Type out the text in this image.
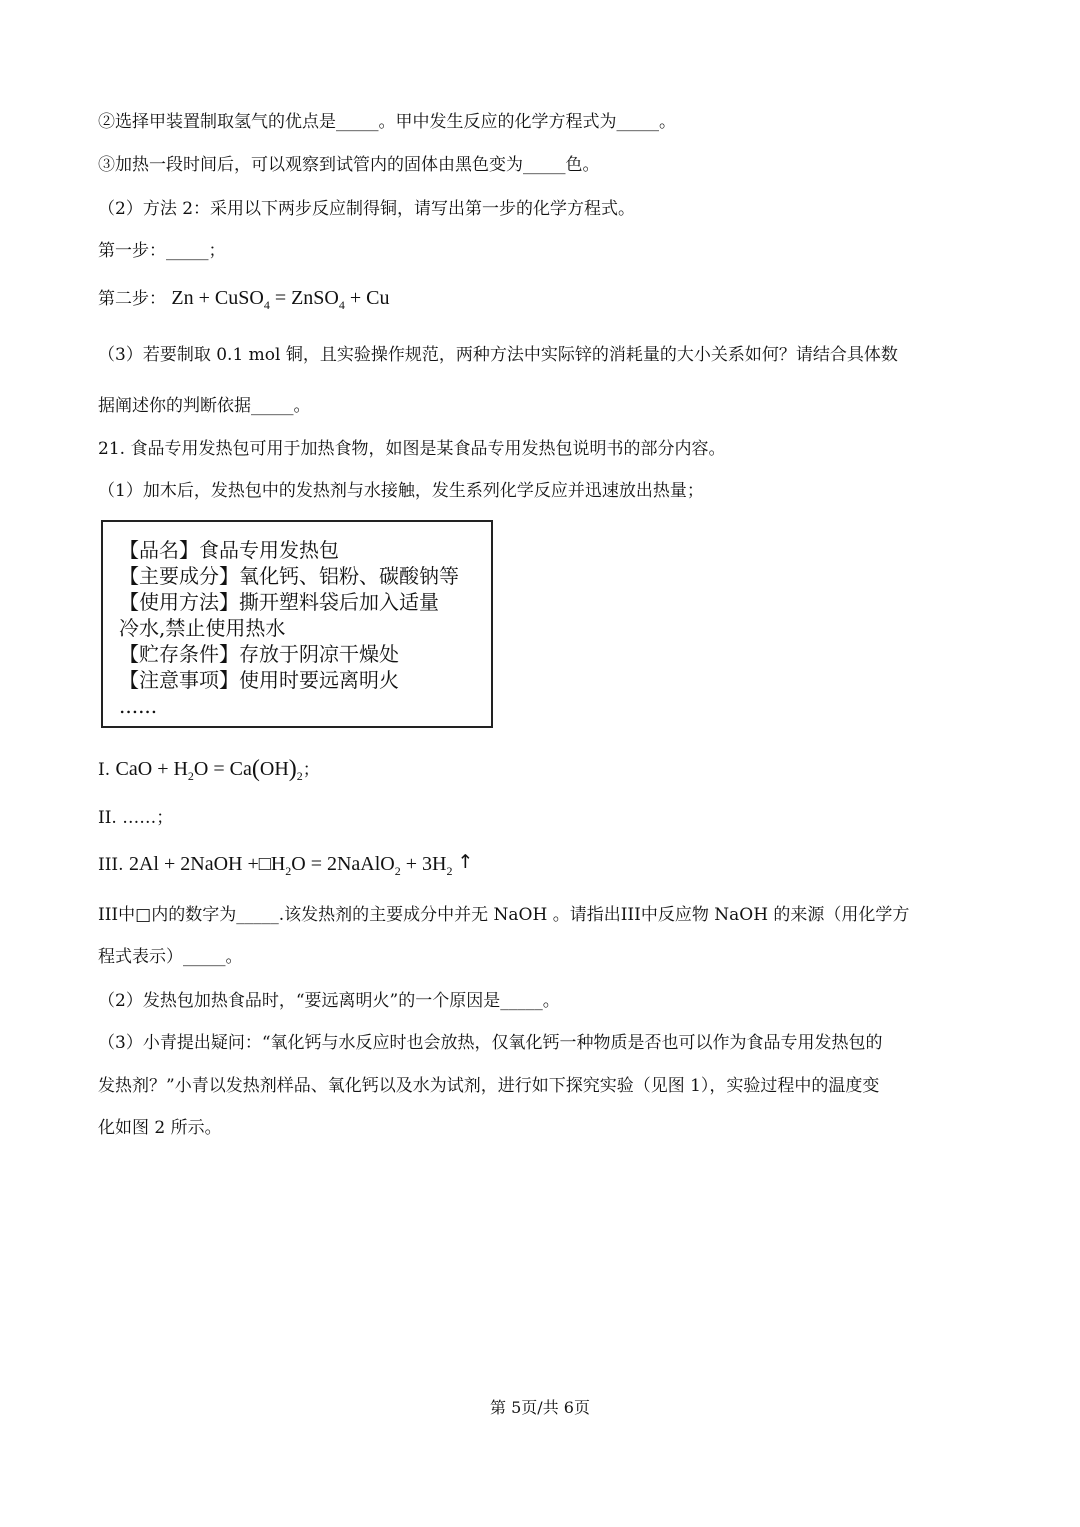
②选择甲装置制取氢气的优点是_____。甲中发生反应的化学方程式为_____。
③加热一段时间后，可以观察到试管内的固体由黑色变为_____色。
（2）方法 2：采用以下两步反应制得铜，请写出第一步的化学方程式。
第一步：_____；
第二步： Zn + CuSO$_4$ = ZnSO$_4$ + Cu
（3）若要制取 0.1 mol 铜，且实验操作规范，两种方法中实际锌的消耗量的大小关系如何？请结合具体数
据阐述你的判断依据_____。
21. 食品专用发热包可用于加热食物，如图是某食品专用发热包说明书的部分内容。
（1）加木后，发热包中的发热剂与水接触，发生系列化学反应并迅速放出热量；
【品名】食品专用发热包
【主要成分】氧化钙、铝粉、碳酸钠等
【使用方法】撕开塑料袋后加入适量
冷水,禁止使用热水
【贮存条件】存放于阴凉干燥处
【注意事项】使用时要远离明火
......
I. CaO + $H_2O = Ca(OH)_2$；
II. ……；
III. 2Al + 2NaOH $+□H_2O$ = 2NaAlO$_2$ + $3H_2$ ↑
III中□内的数字为_____.该发热剂的主要成分中并无 NaOH 。请指出III中反应物 NaOH 的来源（用化学方
程式表示）_____。
（2）发热包加热食品时，“要远离明火”的一个原因是_____。
（3）小青提出疑问：“氧化钙与水反应时也会放热，仅氧化钙一种物质是否也可以作为食品专用发热包的
发热剂？”小青以发热剂样品、氧化钙以及水为试剂，进行如下探究实验（见图 1），实验过程中的温度变
化如图 2 所示。
第 5页/共 6页
